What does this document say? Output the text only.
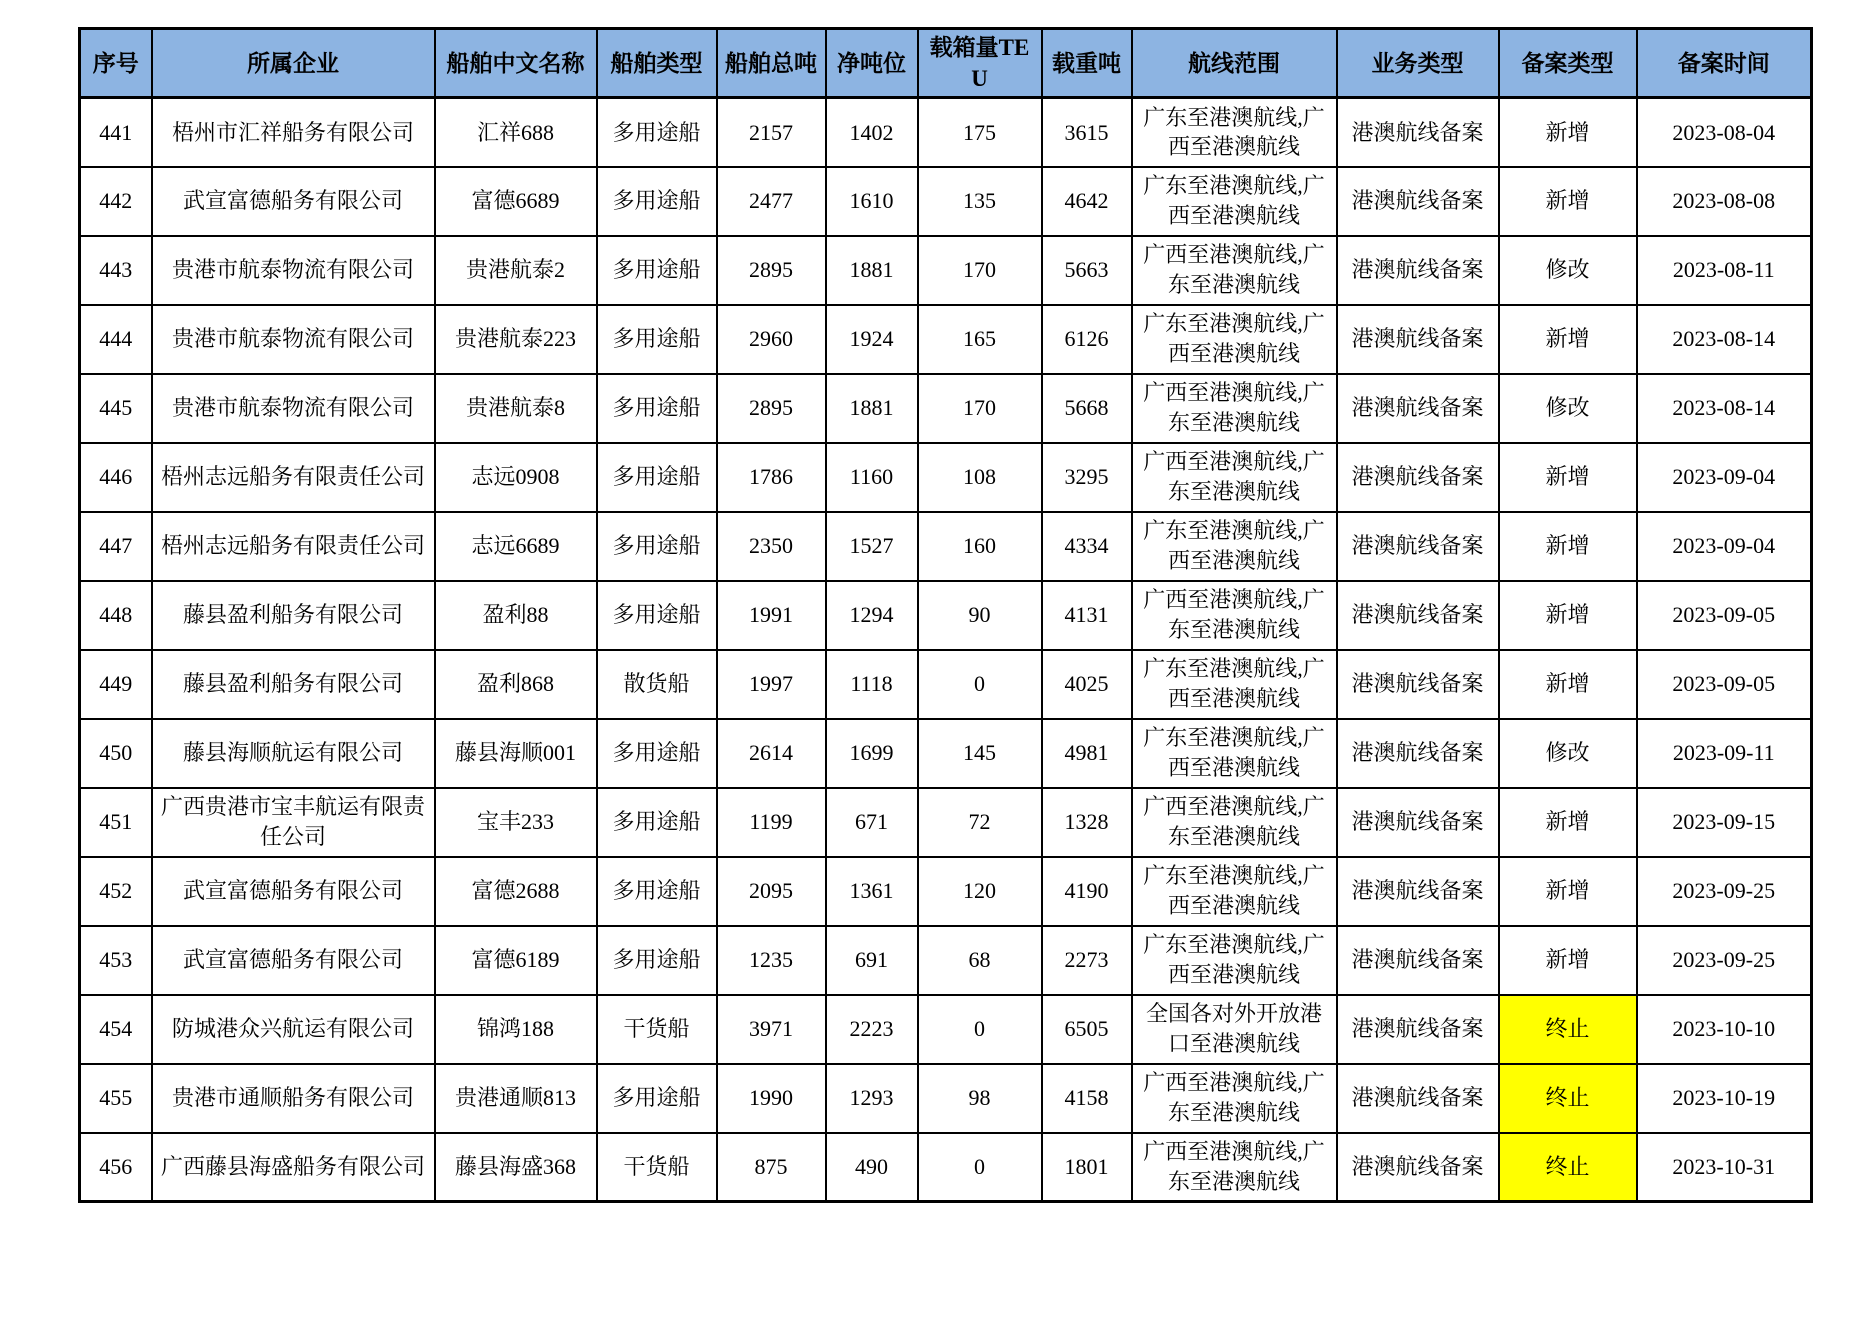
序号	所属企业	船舶中文名称	船舶类型	船舶总吨	净吨位	载箱量TEU	载重吨	航线范围	业务类型	备案类型	备案时间
441	梧州市汇祥船务有限公司	汇祥688	多用途船	2157	1402	175	3615	广东至港澳航线,广西至港澳航线	港澳航线备案	新增	2023-08-04
442	武宣富德船务有限公司	富德6689	多用途船	2477	1610	135	4642	广东至港澳航线,广西至港澳航线	港澳航线备案	新增	2023-08-08
443	贵港市航泰物流有限公司	贵港航泰2	多用途船	2895	1881	170	5663	广西至港澳航线,广东至港澳航线	港澳航线备案	修改	2023-08-11
444	贵港市航泰物流有限公司	贵港航泰223	多用途船	2960	1924	165	6126	广东至港澳航线,广西至港澳航线	港澳航线备案	新增	2023-08-14
445	贵港市航泰物流有限公司	贵港航泰8	多用途船	2895	1881	170	5668	广西至港澳航线,广东至港澳航线	港澳航线备案	修改	2023-08-14
446	梧州志远船务有限责任公司	志远0908	多用途船	1786	1160	108	3295	广西至港澳航线,广东至港澳航线	港澳航线备案	新增	2023-09-04
447	梧州志远船务有限责任公司	志远6689	多用途船	2350	1527	160	4334	广东至港澳航线,广西至港澳航线	港澳航线备案	新增	2023-09-04
448	藤县盈利船务有限公司	盈利88	多用途船	1991	1294	90	4131	广西至港澳航线,广东至港澳航线	港澳航线备案	新增	2023-09-05
449	藤县盈利船务有限公司	盈利868	散货船	1997	1118	0	4025	广东至港澳航线,广西至港澳航线	港澳航线备案	新增	2023-09-05
450	藤县海顺航运有限公司	藤县海顺001	多用途船	2614	1699	145	4981	广东至港澳航线,广西至港澳航线	港澳航线备案	修改	2023-09-11
451	广西贵港市宝丰航运有限责任公司	宝丰233	多用途船	1199	671	72	1328	广西至港澳航线,广东至港澳航线	港澳航线备案	新增	2023-09-15
452	武宣富德船务有限公司	富德2688	多用途船	2095	1361	120	4190	广东至港澳航线,广西至港澳航线	港澳航线备案	新增	2023-09-25
453	武宣富德船务有限公司	富德6189	多用途船	1235	691	68	2273	广东至港澳航线,广西至港澳航线	港澳航线备案	新增	2023-09-25
454	防城港众兴航运有限公司	锦鸿188	干货船	3971	2223	0	6505	全国各对外开放港口至港澳航线	港澳航线备案	终止	2023-10-10
455	贵港市通顺船务有限公司	贵港通顺813	多用途船	1990	1293	98	4158	广西至港澳航线,广东至港澳航线	港澳航线备案	终止	2023-10-19
456	广西藤县海盛船务有限公司	藤县海盛368	干货船	875	490	0	1801	广西至港澳航线,广东至港澳航线	港澳航线备案	终止	2023-10-31
